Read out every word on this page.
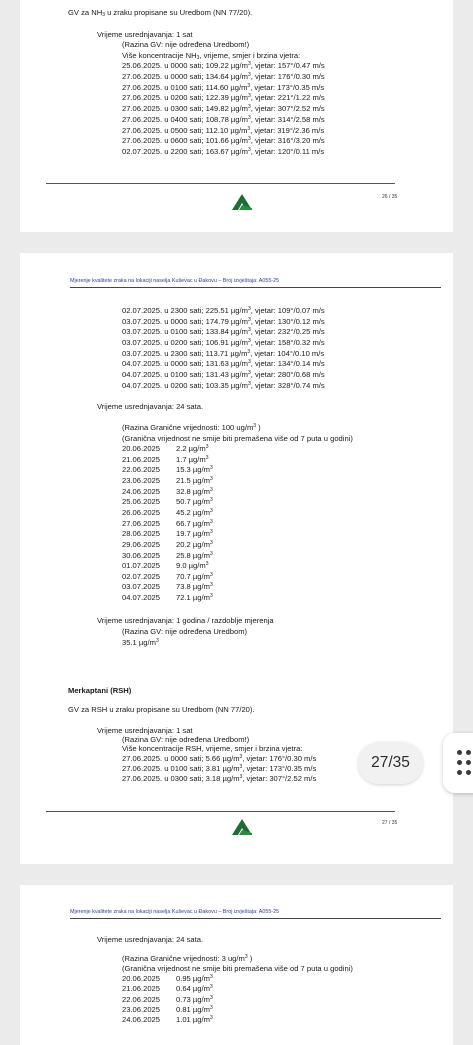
GV za $NH_3$ u zraku propisane su Uredbom (NN 77/20).
Vrijeme usrednjavanja: 1 sat
(Razina GV: nije određena Uredbom!)
Više koncentracije $NH_3$, vrijeme, smjer i brzina vjetra:
25.06.2025. u 0000 sati; 109.22 $\mu g/m^3$, vjetar: 157°/0.47 m/s
27.06.2025. u 0000 sati; 134.64 $\mu g/m^3$, vjetar: 176°/0.30 m/s
27.06.2025. u 0100 sati; 114.60 $\mu g/m^3$, vjetar: 173°/0.35 m/s
27.06.2025. u 0200 sati; 122.39 $\mu g/m^3$, vjetar: 221°/1.22 m/s
27.06.2025. u 0300 sati; 149.82 $\mu g/m^3$, vjetar: 307°/2.52 m/s
27.06.2025. u 0400 sati; 108.78 $\mu g/m^3$, vjetar: 314°/2.58 m/s
27.06.2025. u 0500 sati; 112.10 $\mu g/m^3$, vjetar: 319°/2.36 m/s
27.06.2025. u 0600 sati; 101.66 $\mu g/m^3$, vjetar: 316°/3.20 m/s
02.07.2025. u 2200 sati; 163.67 $\mu g/m^3$, vjetar: 120°/0.11 m/s
26 / 35
Mjerenje kvalitete zraka na lokaciji naselja Kuševac u Đakovu – Broj izvještaja: A055-25
02.07.2025. u 2300 sati; 225.51 $\mu g/m^3$, vjetar: 109°/0.07 m/s
03.07.2025. u 0000 sati; 174.79 $\mu g/m^3$, vjetar: 130°/0.12 m/s
03.07.2025. u 0100 sati; 133.84 $\mu g/m^3$, vjetar: 232°/0.25 m/s
03.07.2025. u 0200 sati; 106.91 $\mu g/m^3$, vjetar: 158°/0.32 m/s
03.07.2025. u 2300 sati; 113.71 $\mu g/m^3$, vjetar: 104°/0.10 m/s
04.07.2025. u 0000 sati; 131.63 $\mu g/m^3$, vjetar: 134°/0.14 m/s
04.07.2025. u 0100 sati; 131.43 $\mu g/m^3$, vjetar: 280°/0.68 m/s
04.07.2025. u 0200 sati; 103.35 $\mu g/m^3$, vjetar: 328°/0.74 m/s
Vrijeme usrednjavanja: 24 sata.
(Razina Granične vrijednosti: 100 $ug/m^3$ )
(Granična vrijednost ne smije biti premašena više od 7 puta u godini)
20.06.2025 2.2 $\mu g/m^3$
21.06.2025 1.7 $\mu g/m^3$
22.06.2025 15.3 $\mu g/m^3$
23.06.2025 21.5 $\mu g/m^3$
24.06.2025 32.8 $\mu g/m^3$
25.06.2025 50.7 $\mu g/m^3$
26.06.2025 45.2 $\mu g/m^3$
27.06.2025 66.7 $\mu g/m^3$
28.06.2025 19.7 $\mu g/m^3$
29.06.2025 20.2 $\mu g/m^3$
30.06.2025 25.8 $\mu g/m^3$
01.07.2025 9.0 $\mu g/m^3$
02.07.2025 70.7 $\mu g/m^3$
03.07.2025 73.8 $\mu g/m^3$
04.07.2025 72.1 $\mu g/m^3$
Vrijeme usrednjavanja: 1 godina / razdoblje mjerenja
(Razina GV: nije određena Uredbom)
35.1 $\mu g/m^3$
Merkaptani (RSH)
GV za RSH u zraku propisane su Uredbom (NN 77/20).
Vrijeme usrednjavanja: 1 sat
(Razina GV: nije određena Uredbom!)
Više koncentracije RSH, vrijeme, smjer i brzina vjetra:
27.06.2025. u 0000 sati; 5.66 $\mu g/m^3$, vjetar: 176°/0.30 m/s
27.06.2025. u 0100 sati; 3.81 $\mu g/m^3$, vjetar: 173°/0.35 m/s
27.06.2025. u 0300 sati; 3.18 $\mu g/m^3$, vjetar: 307°/2.52 m/s
27 / 35
Mjerenje kvalitete zraka na lokaciji naselja Kuševac u Đakovu – Broj izvještaja: A055-25
Vrijeme usrednjavanja: 24 sata.
(Razina Granične vrijednosti: 3 $ug/m^3$ )
(Granična vrijednost ne smije biti premašena više od 7 puta u godini)
20.06.2025 0.95 $\mu g/m^3$
21.06.2025 0.64 $\mu g/m^3$
22.06.2025 0.73 $\mu g/m^3$
23.06.2025 0.81 $\mu g/m^3$
24.06.2025 1.01 $\mu g/m^3$
27/35
